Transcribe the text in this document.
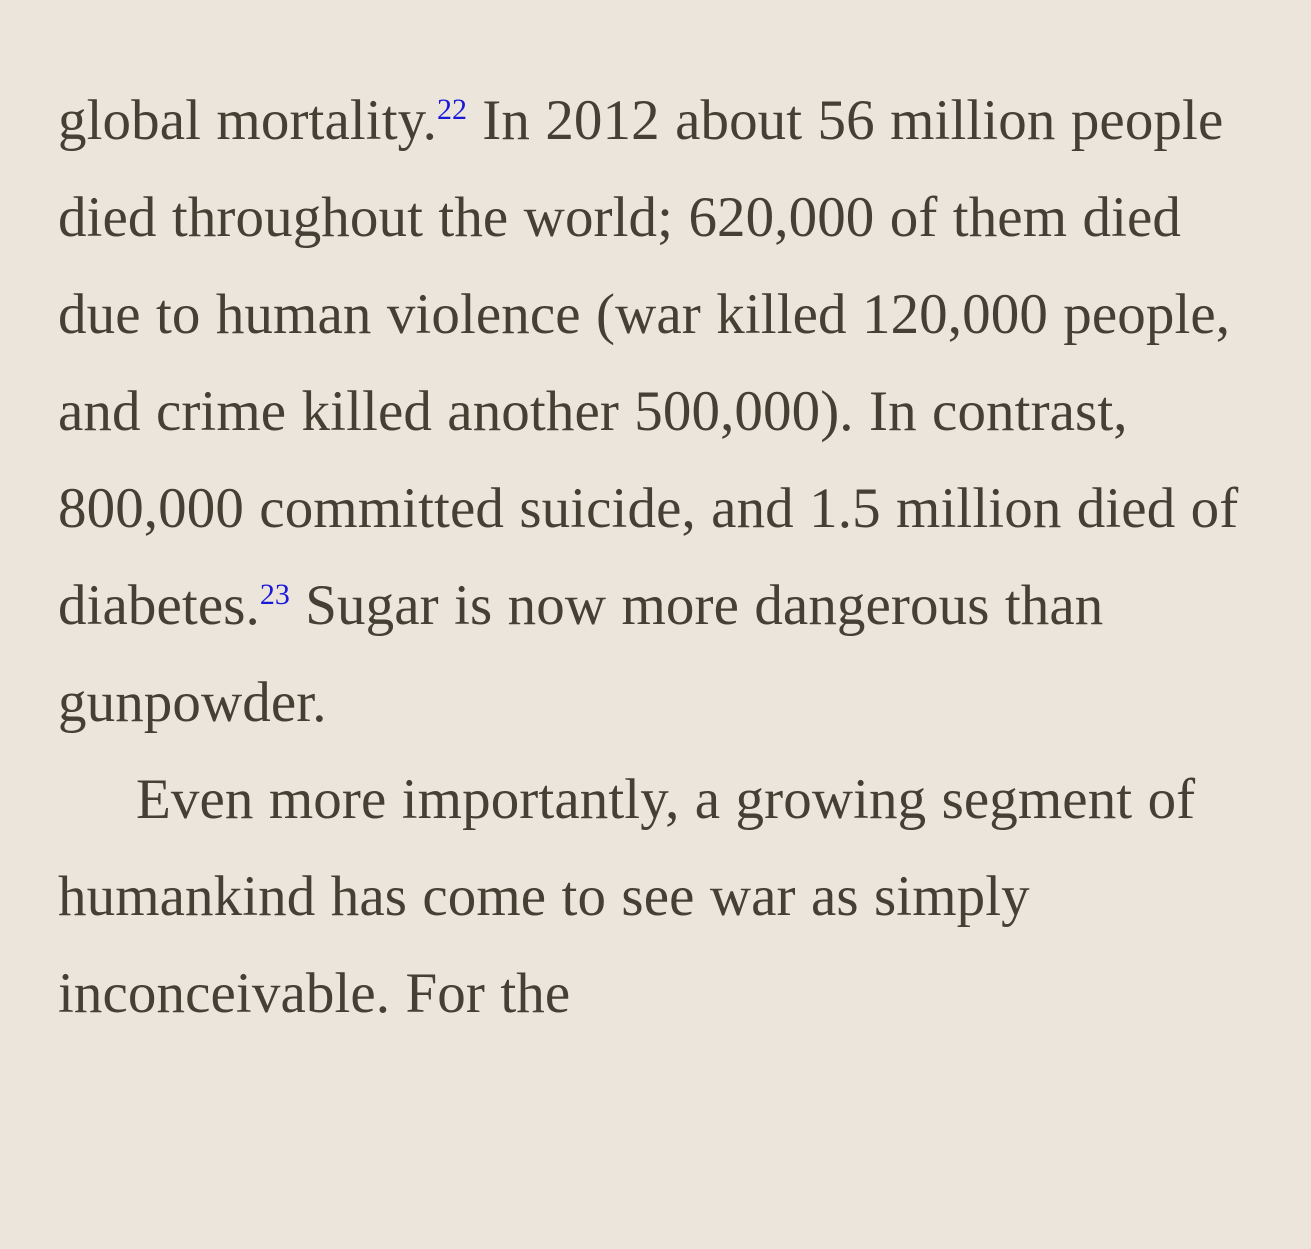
global mortality.$^{22}$ In 2012 about 56 million people died throughout the world; 620,000 of them died due to human violence (war killed 120,000 people, and crime killed another 500,000). In contrast, 800,000 committed suicide, and 1.5 million died of diabetes.$^{23}$ Sugar is now more dangerous than gunpowder.

Even more importantly, a growing segment of humankind has come to see war as simply inconceivable. For the
